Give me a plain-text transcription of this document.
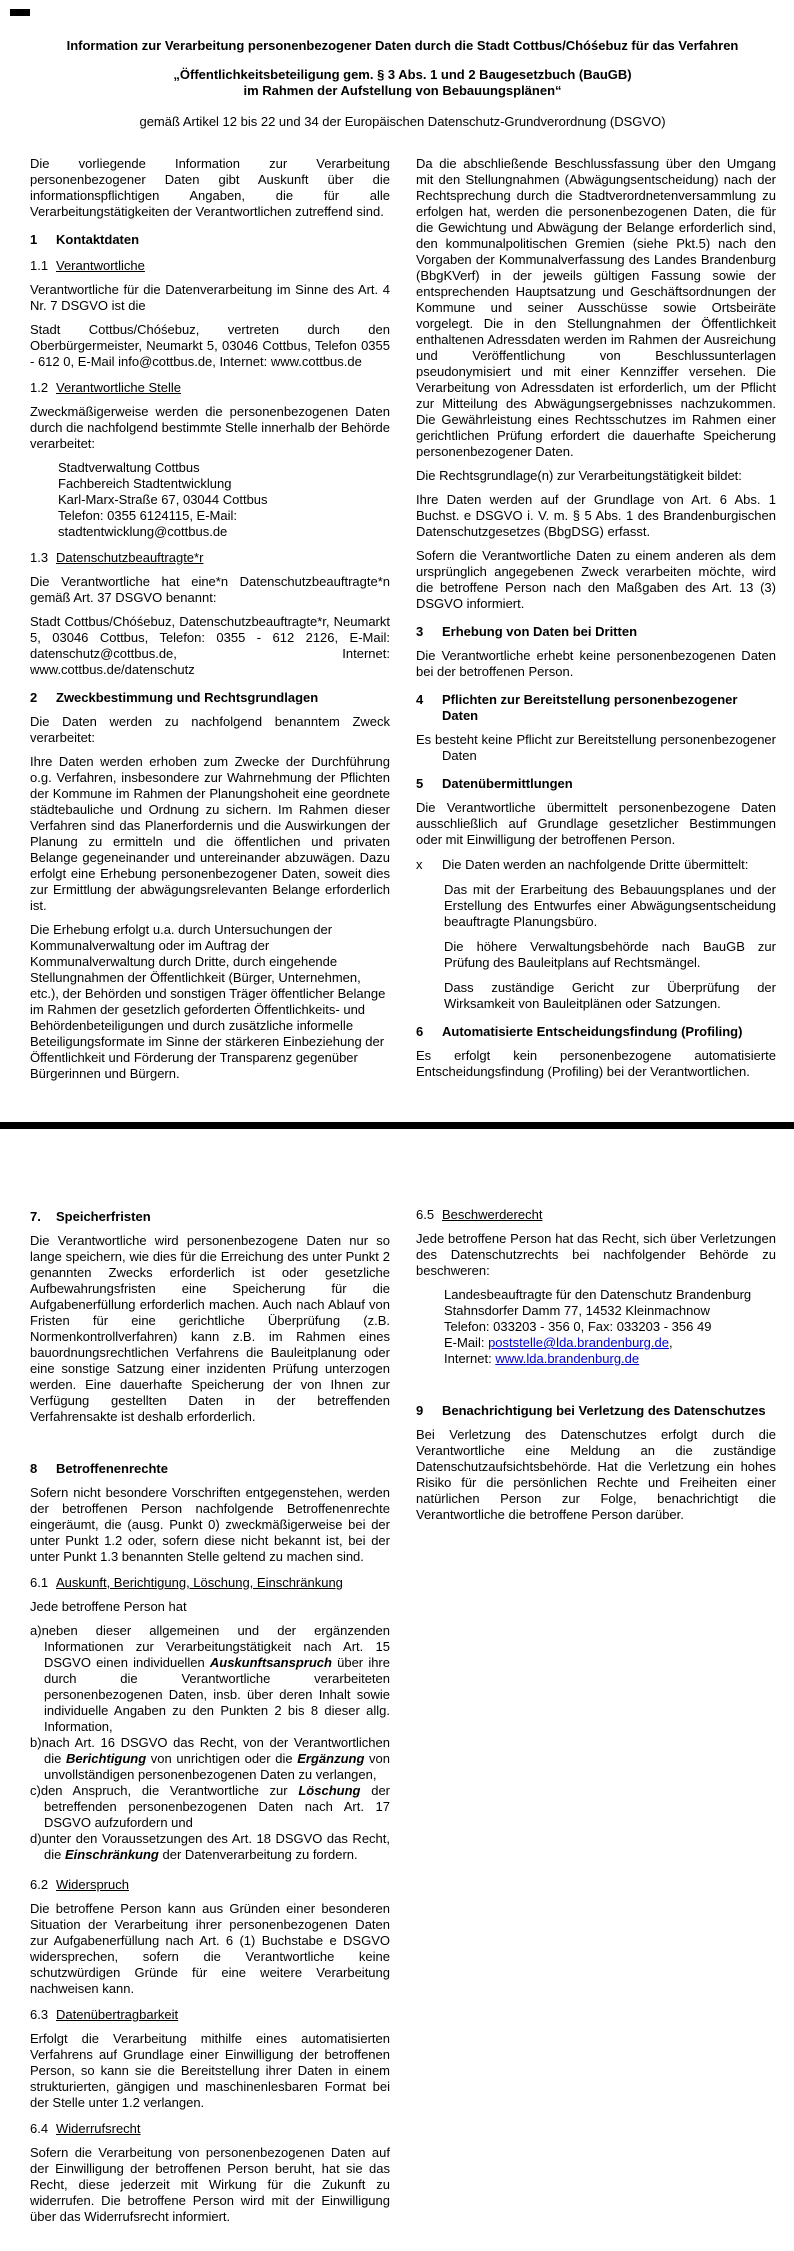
Information zur Verarbeitung personenbezogener Daten durch die Stadt Cottbus/Chóśebuz für das Verfahren

„Öffentlichkeitsbeteiligung gem. § 3 Abs. 1 und 2 Baugesetzbuch (BauGB)

im Rahmen der Aufstellung von Bebauungsplänen“

gemäß Artikel 12 bis 22 und 34 der Europäischen Datenschutz-Grundverordnung (DSGVO)

Die vorliegende Information zur Verarbeitung personenbezogener Daten gibt Auskunft über die informationspflichtigen Angaben, die für alle Verarbeitungstätigkeiten der Verantwortlichen zutreffend sind.

1	Kontaktdaten
1.1 Verantwortliche

Verantwortliche für die Datenverarbeitung im Sinne des Art. 4 Nr. 7 DSGVO ist die

Stadt Cottbus/Chóśebuz, vertreten durch den Oberbürgermeister, Neumarkt 5, 03046 Cottbus, Telefon 0355 - 612 0, E-Mail info@cottbus.de, Internet: www.cottbus.de

1.2 Verantwortliche Stelle

Zweckmäßigerweise werden die personenbezogenen Daten durch die nachfolgend bestimmte Stelle innerhalb der Behörde verarbeitet:

Stadtverwaltung Cottbus
Fachbereich Stadtentwicklung
Karl-Marx-Straße 67, 03044 Cottbus
Telefon: 0355 6124115, E-Mail: stadtentwicklung@cottbus.de
1.3 Datenschutzbeauftragte*r

Die Verantwortliche hat eine*n Datenschutzbeauftragte*n gemäß Art. 37 DSGVO benannt:

Stadt Cottbus/Chóśebuz, Datenschutzbeauftragte*r, Neumarkt 5, 03046 Cottbus, Telefon: 0355 - 612 2126, E-Mail: datenschutz@cottbus.de, Internet: www.cottbus.de/datenschutz

2	Zweckbestimmung und Rechtsgrundlagen

Die Daten werden zu nachfolgend benanntem Zweck verarbeitet:

Ihre Daten werden erhoben zum Zwecke der Durchführung o.g. Verfahren, insbesondere zur Wahrnehmung der Pflichten der Kommune im Rahmen der Planungshoheit eine geordnete städtebauliche und Ordnung zu sichern. Im Rahmen dieser Verfahren sind das Planerfordernis und die Auswirkungen der Planung zu ermitteln und die öffentlichen und privaten Belange gegeneinander und untereinander abzuwägen. Dazu erfolgt eine Erhebung personenbezogener Daten, soweit dies zur Ermittlung der abwägungsrelevanten Belange erforderlich ist.

Die Erhebung erfolgt u.a. durch Untersuchungen der Kommunalverwaltung oder im Auftrag der Kommunalverwaltung durch Dritte, durch eingehende Stellungnahmen der Öffentlichkeit (Bürger, Unternehmen, etc.), der Behörden und sonstigen Träger öffentlicher Belange im Rahmen der gesetzlich geforderten Öffentlichkeits- und Behördenbeteiligungen und durch zusätzliche informelle Beteiligungsformate im Sinne der stärkeren Einbeziehung der Öffentlichkeit und Förderung der Transparenz gegenüber Bürgerinnen und Bürgern.

Da die abschließende Beschlussfassung über den Umgang mit den Stellungnahmen (Abwägungsentscheidung) nach der Rechtsprechung durch die Stadtverordnetenversammlung zu erfolgen hat, werden die personenbezogenen Daten, die für die Gewichtung und Abwägung der Belange erforderlich sind, den kommunalpolitischen Gremien (siehe Pkt.5) nach den Vorgaben der Kommunalverfassung des Landes Brandenburg (BbgKVerf) in der jeweils gültigen Fassung sowie der entsprechenden Hauptsatzung und Geschäftsordnungen der Kommune und seiner Ausschüsse sowie Ortsbeiräte vorgelegt. Die in den Stellungnahmen der Öffentlichkeit enthaltenen Adressdaten werden im Rahmen der Ausreichung und Veröffentlichung von Beschlussunterlagen pseudonymisiert und mit einer Kennziffer versehen. Die Verarbeitung von Adressdaten ist erforderlich, um der Pflicht zur Mitteilung des Abwägungsergebnisses nachzukommen. Die Gewährleistung eines Rechtsschutzes im Rahmen einer gerichtlichen Prüfung erfordert die dauerhafte Speicherung personenbezogener Daten.

Die Rechtsgrundlage(n) zur Verarbeitungstätigkeit bildet:

Ihre Daten werden auf der Grundlage von Art. 6 Abs. 1 Buchst. e DSGVO i. V. m. § 5 Abs. 1 des Brandenburgischen Datenschutzgesetzes (BbgDSG) erfasst.

Sofern die Verantwortliche Daten zu einem anderen als dem ursprünglich angegebenen Zweck verarbeiten möchte, wird die betroffene Person nach den Maßgaben des Art. 13 (3) DSGVO informiert.

3	Erhebung von Daten bei Dritten

Die Verantwortliche erhebt keine personenbezogenen Daten bei der betroffenen Person.

4	Pflichten zur Bereitstellung personenbezogener Daten

Es besteht keine Pflicht zur Bereitstellung personenbezogener Daten

5	Datenübermittlungen

Die Verantwortliche übermittelt personenbezogene Daten ausschließlich auf Grundlage gesetzlicher Bestimmungen oder mit Einwilligung der betroffenen Person.

x	Die Daten werden an nachfolgende Dritte übermittelt:

Das mit der Erarbeitung des Bebauungsplanes und der Erstellung des Entwurfes einer Abwägungsentscheidung beauftragte Planungsbüro.

Die höhere Verwaltungsbehörde nach BauGB zur Prüfung des Bauleitplans auf Rechtsmängel.

Dass zuständige Gericht zur Überprüfung der Wirksamkeit von Bauleitplänen oder Satzungen.

6	Automatisierte Entscheidungsfindung (Profiling)

Es erfolgt kein personenbezogene automatisierte Entscheidungsfindung (Profiling) bei der Verantwortlichen.

7.	Speicherfristen

Die Verantwortliche wird personenbezogene Daten nur so lange speichern, wie dies für die Erreichung des unter Punkt 2 genannten Zwecks erforderlich ist oder gesetzliche Aufbewahrungsfristen eine Speicherung für die Aufgabenerfüllung erforderlich machen. Auch nach Ablauf von Fristen für eine gerichtliche Überprüfung (z.B. Normenkontrollverfahren) kann z.B. im Rahmen eines bauordnungsrechtlichen Verfahrens die Bauleitplanung oder eine sonstige Satzung einer inzidenten Prüfung unterzogen werden. Eine dauerhafte Speicherung der von Ihnen zur Verfügung gestellten Daten in der betreffenden Verfahrensakte ist deshalb erforderlich.

8	Betroffenenrechte

Sofern nicht besondere Vorschriften entgegenstehen, werden der betroffenen Person nachfolgende Betroffenenrechte eingeräumt, die (ausg. Punkt 0) zweckmäßigerweise bei der unter Punkt 1.2 oder, sofern diese nicht bekannt ist, bei der unter Punkt 1.3 benannten Stelle geltend zu machen sind.

6.1 Auskunft, Berichtigung, Löschung, Einschränkung

Jede betroffene Person hat

a)neben dieser allgemeinen und der ergänzenden Informationen zur Verarbeitungstätigkeit nach Art. 15 DSGVO einen individuellen Auskunftsanspruch über ihre durch die Verantwortliche verarbeiteten personenbezogenen Daten, insb. über deren Inhalt sowie individuelle Angaben zu den Punkten 2 bis 8 dieser allg. Information,

b)nach Art. 16 DSGVO das Recht, von der Verantwortlichen die Berichtigung von unrichtigen oder die Ergänzung von unvollständigen personenbezogenen Daten zu verlangen,

c)den Anspruch, die Verantwortliche zur Löschung der betreffenden personenbezogenen Daten nach Art. 17 DSGVO aufzufordern und

d)unter den Voraussetzungen des Art. 18 DSGVO das Recht, die Einschränkung der Datenverarbeitung zu fordern.

6.2 Widerspruch

Die betroffene Person kann aus Gründen einer besonderen Situation der Verarbeitung ihrer personenbezogenen Daten zur Aufgabenerfüllung nach Art. 6 (1) Buchstabe e DSGVO widersprechen, sofern die Verantwortliche keine schutzwürdigen Gründe für eine weitere Verarbeitung nachweisen kann.

6.3 Datenübertragbarkeit

Erfolgt die Verarbeitung mithilfe eines automatisierten Verfahrens auf Grundlage einer Einwilligung der betroffenen Person, so kann sie die Bereitstellung ihrer Daten in einem strukturierten, gängigen und maschinenlesbaren Format bei der Stelle unter 1.2 verlangen.

6.4 Widerrufsrecht

Sofern die Verarbeitung von personenbezogenen Daten auf der Einwilligung der betroffenen Person beruht, hat sie das Recht, diese jederzeit mit Wirkung für die Zukunft zu widerrufen. Die betroffene Person wird mit der Einwilligung über das Widerrufsrecht informiert.

6.5 Beschwerderecht

Jede betroffene Person hat das Recht, sich über Verletzungen des Datenschutzrechts bei nachfolgender Behörde zu beschweren:

Landesbeauftragte für den Datenschutz Brandenburg
Stahnsdorfer Damm 77, 14532 Kleinmachnow
Telefon: 033203 - 356 0, Fax: 033203 - 356 49
E-Mail: poststelle@lda.brandenburg.de,
Internet: www.lda.brandenburg.de
9	Benachrichtigung bei Verletzung des Datenschutzes

Bei Verletzung des Datenschutzes erfolgt durch die Verantwortliche eine Meldung an die zuständige Datenschutzaufsichtsbehörde. Hat die Verletzung ein hohes Risiko für die persönlichen Rechte und Freiheiten einer natürlichen Person zur Folge, benachrichtigt die Verantwortliche die betroffene Person darüber.
